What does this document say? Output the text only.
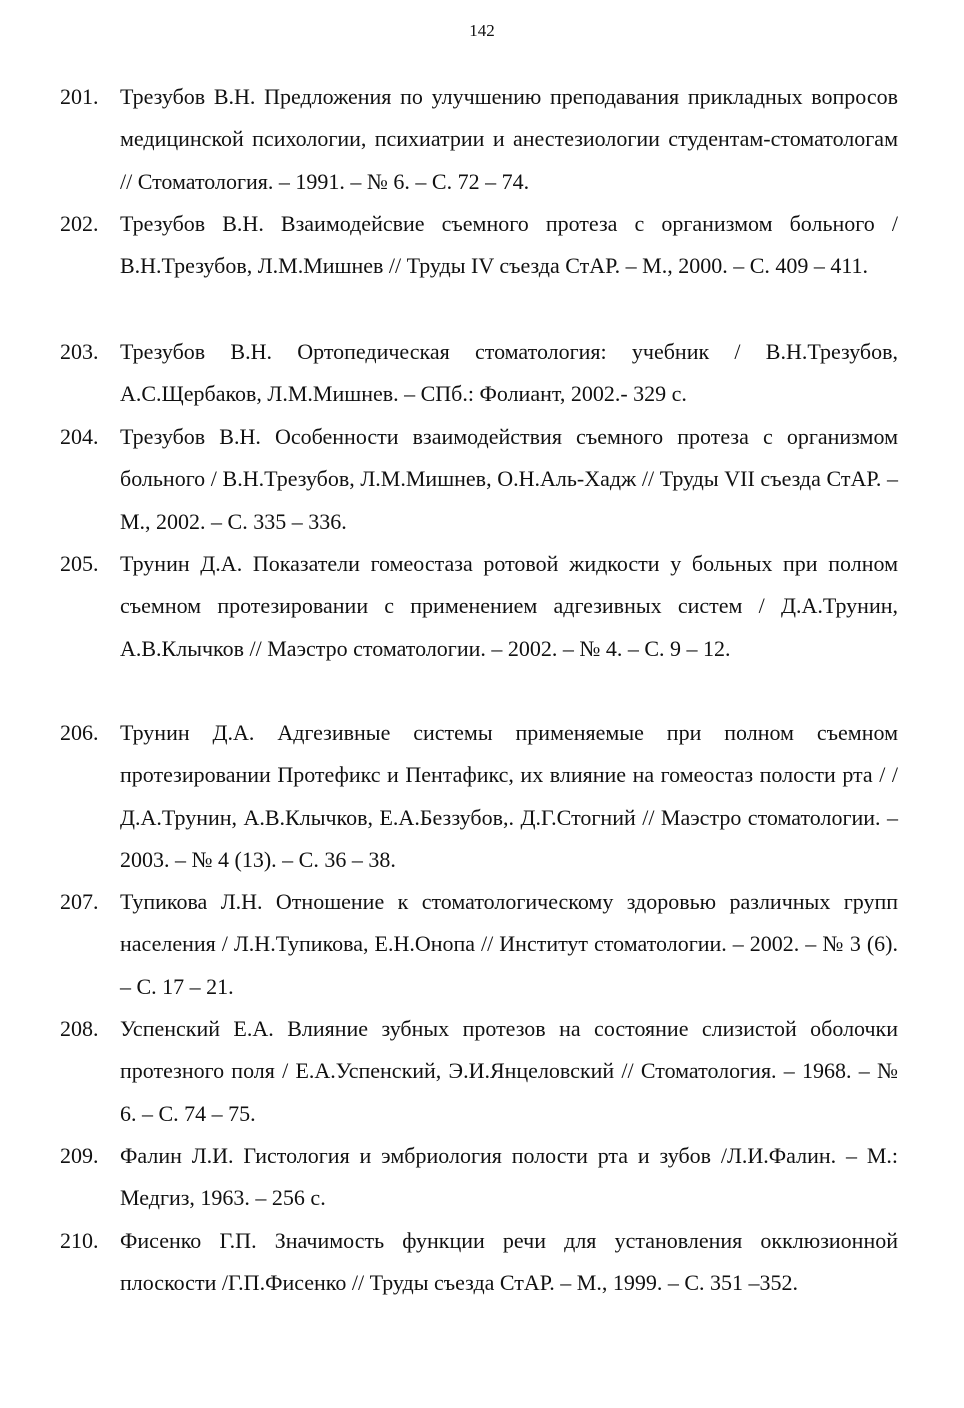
142
201. Трезубов В.Н. Предложения по улучшению преподавания прикладных вопросов медицинской психологии, психиатрии и анестезиологии студентам-стоматологам // Стоматология. – 1991. – № 6. – С. 72 – 74.
202. Трезубов В.Н. Взаимодейсвие съемного протеза с организмом больного / В.Н.Трезубов, Л.М.Мишнев // Труды IV съезда СтАР. – М., 2000. – С. 409 – 411.
203. Трезубов В.Н. Ортопедическая стоматология: учебник / В.Н.Трезубов, А.С.Щербаков, Л.М.Мишнев. – СПб.: Фолиант, 2002.- 329 с.
204. Трезубов В.Н. Особенности взаимодействия съемного протеза с организмом больного / В.Н.Трезубов, Л.М.Мишнев, О.Н.Аль-Хадж // Труды VII съезда СтАР. – М., 2002. – С. 335 – 336.
205. Трунин Д.А. Показатели гомеостаза ротовой жидкости у больных при полном съемном протезировании с применением адгезивных систем / Д.А.Трунин, А.В.Клычков // Маэстро стоматологии. – 2002. – № 4. – С. 9 – 12.
206. Трунин Д.А. Адгезивные системы применяемые при полном съемном протезировании Протефикс и Пентафикс, их влияние на гомеостаз полости рта / / Д.А.Трунин, А.В.Клычков, Е.А.Беззубов,. Д.Г.Стогний // Маэстро стоматологии. – 2003. – № 4 (13). – С. 36 – 38.
207. Тупикова Л.Н. Отношение к стоматологическому здоровью различных групп населения / Л.Н.Тупикова, Е.Н.Онопа // Институт стоматологии. – 2002. – № 3 (6). – С. 17 – 21.
208. Успенский Е.А. Влияние зубных протезов на состояние слизистой оболочки протезного поля / Е.А.Успенский, Э.И.Янцеловский // Стоматология. – 1968. – № 6. – С. 74 – 75.
209. Фалин Л.И. Гистология и эмбриология полости рта и зубов /Л.И.Фалин. – М.: Медгиз, 1963. – 256 с.
210. Фисенко Г.П. Значимость функции речи для установления окклюзионной плоскости /Г.П.Фисенко // Труды съезда СтАР. – М., 1999. – С. 351 –352.
